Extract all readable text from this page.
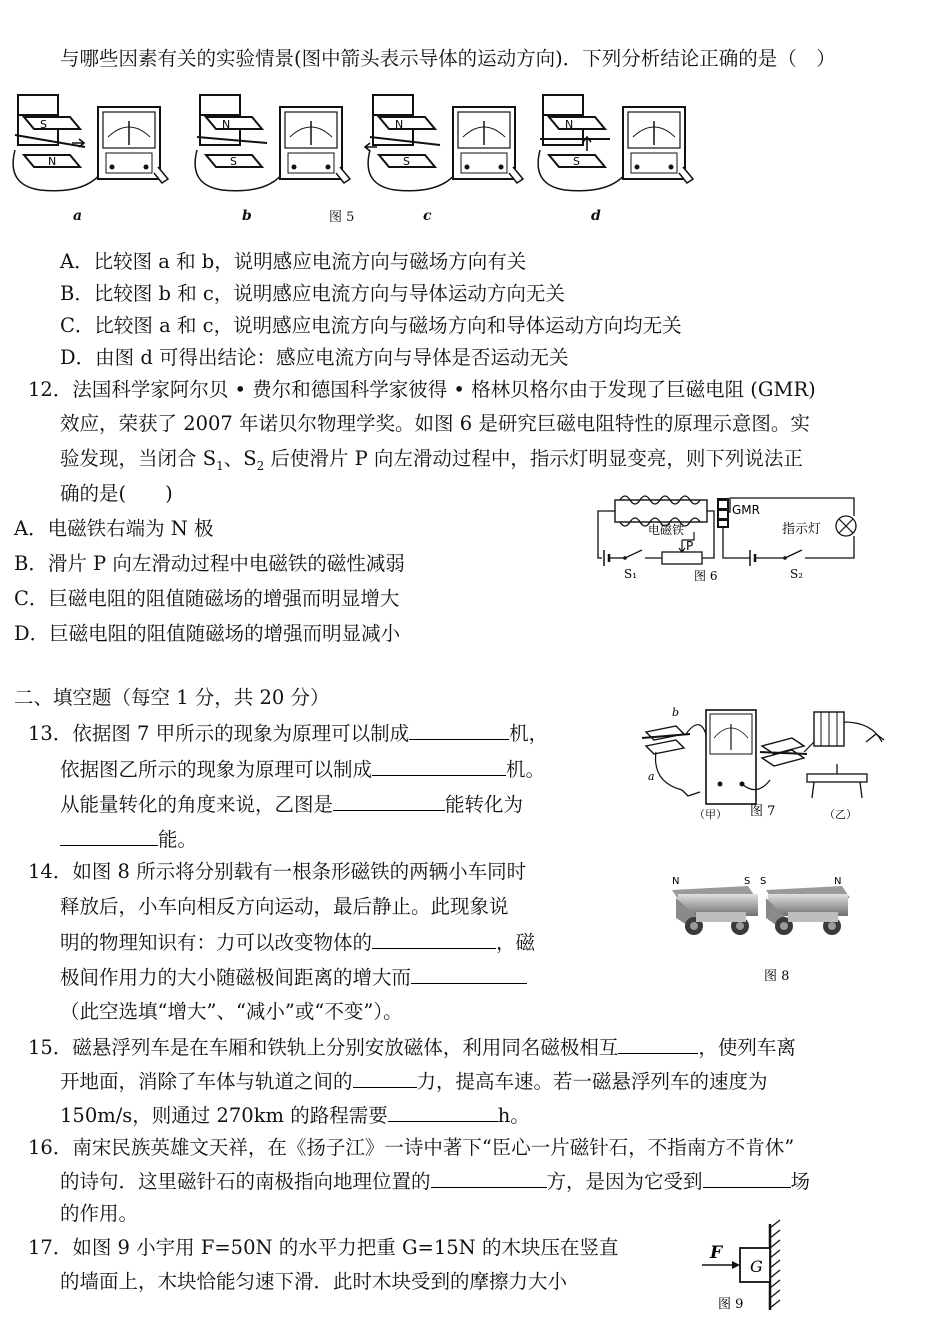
与哪些因素有关的实验情景(图中箭头表示导体的运动方向)．下列分析结论正确的是（　）
S
N
N
S
N
S
N
S
a	b	图 5	c	d
A．比较图 a 和 b，说明感应电流方向与磁场方向有关
B．比较图 b 和 c，说明感应电流方向与导体运动方向无关
C．比较图 a 和 c，说明感应电流方向与磁场方向和导体运动方向均无关
D．由图 d 可得出结论：感应电流方向与导体是否运动无关
12．法国科学家阿尔贝 • 费尔和德国科学家彼得 • 格林贝格尔由于发现了巨磁电阻 (GMR)
效应，荣获了 2007 年诺贝尔物理学奖。如图 6 是研究巨磁电阻特性的原理示意图。实
验发现，当闭合 $S_1$、$S_2$ 后使滑片 P 向左滑动过程中，指示灯明显变亮，则下列说法正
确的是(　　)
A．电磁铁右端为 N 极
B．滑片 P 向左滑动过程中电磁铁的磁性减弱
C．巨磁电阻的阻值随磁场的增强而明显增大
D．巨磁电阻的阻值随磁场的增强而明显减小
电磁铁
P
S₁
GMR
指示灯
图 6	S₂
二、填空题（每空 1 分，共 20 分）
13．依据图 7 甲所示的现象为原理可以制成	机，
依据图乙所示的现象为原理可以制成	机。
从能量转化的角度来说，乙图是	能转化为
能。
b
a
（甲） 图 7	（乙）
14．如图 8 所示将分别载有一根条形磁铁的两辆小车同时
释放后，小车向相反方向运动，最后静止。此现象说
明的物理知识有：力可以改变物体的	，磁
极间作用力的大小随磁极间距离的增大而
（此空选填“增大”、“减小”或“不变”）。
N	S S	N
图 8
15．磁悬浮列车是在车厢和铁轨上分别安放磁体，利用同名磁极相互	，使列车离
开地面，消除了车体与轨道之间的	力，提高车速。若一磁悬浮列车的速度为
150m/s，则通过 270km 的路程需要	h。
16．南宋民族英雄文天祥，在《扬子江》一诗中著下“臣心一片磁针石，不指南方不肯休”
的诗句．这里磁针石的南极指向地理位置的	方，是因为它受到	场
的作用。
17．如图 9 小宇用 F=50N 的水平力把重 G=15N 的木块压在竖直
的墙面上，木块恰能匀速下滑．此时木块受到的摩擦力大小
F
G
图 9
